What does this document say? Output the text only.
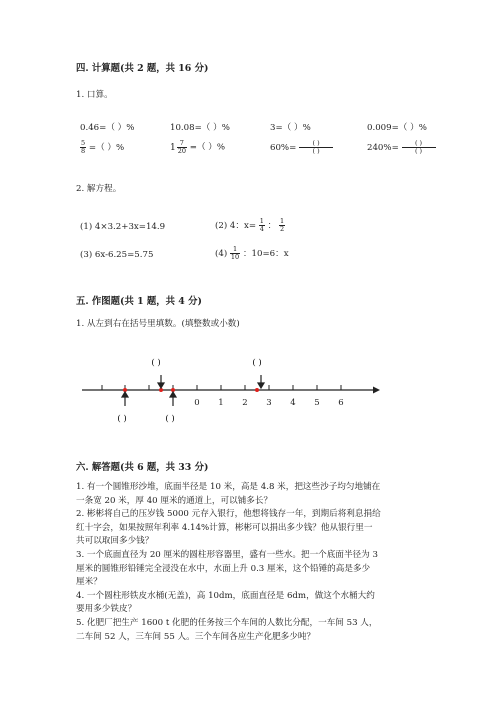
四. 计算题(共 2 题，共 16 分)
1. 口算。
0.46=（ ）%	10.08=（ ）%	3=（ ）%	0.009=（ ）%
$\frac{5}{8}$ =（ ）%	$1 \frac{7}{20}$ =（ ）%	$60\%= \frac{( )}{( )}$	$240\%= \frac{( )}{( )}$
2. 解方程。
(1) 4×3.2+3x=14.9	(2) 4：$x= \frac{1}{4}$ ： $\frac{1}{2}$
(3) 6x-6.25=5.75	$(4) \frac{1}{10}$ ：10=6：x
五. 作图题(共 1 题，共 4 分)
1. 从左到右在括号里填数。(填整数或小数)
( )	( )
( )	( )
0 1 2 3 4 5 6
六. 解答题(共 6 题，共 33 分)

1. 有一个圆锥形沙堆，底面半径是 10 米，高是 4.8 米，把这些沙子均匀地铺在

一条宽 20 米，厚 40 厘米的通道上，可以铺多长？

2. 彬彬将自己的压岁钱 5000 元存入银行，他想将钱存一年，到期后将利息捐给

红十字会，如果按照年利率 4.14%计算，彬彬可以捐出多少钱？他从银行里一

共可以取回多少钱？

3. 一个底面直径为 20 厘米的圆柱形容器里，盛有一些水。把一个底面半径为 3

厘米的圆锥形铅锤完全浸没在水中，水面上升 0.3 厘米，这个铅锤的高是多少

厘米？

4. 一个圆柱形铁皮水桶(无盖)，高 10dm，底面直径是 6dm，做这个水桶大约

要用多少铁皮？

5. 化肥厂把生产 1600 t 化肥的任务按三个车间的人数比分配，一车间 53 人，

二车间 52 人，三车间 55 人。三个车间各应生产化肥多少吨？
